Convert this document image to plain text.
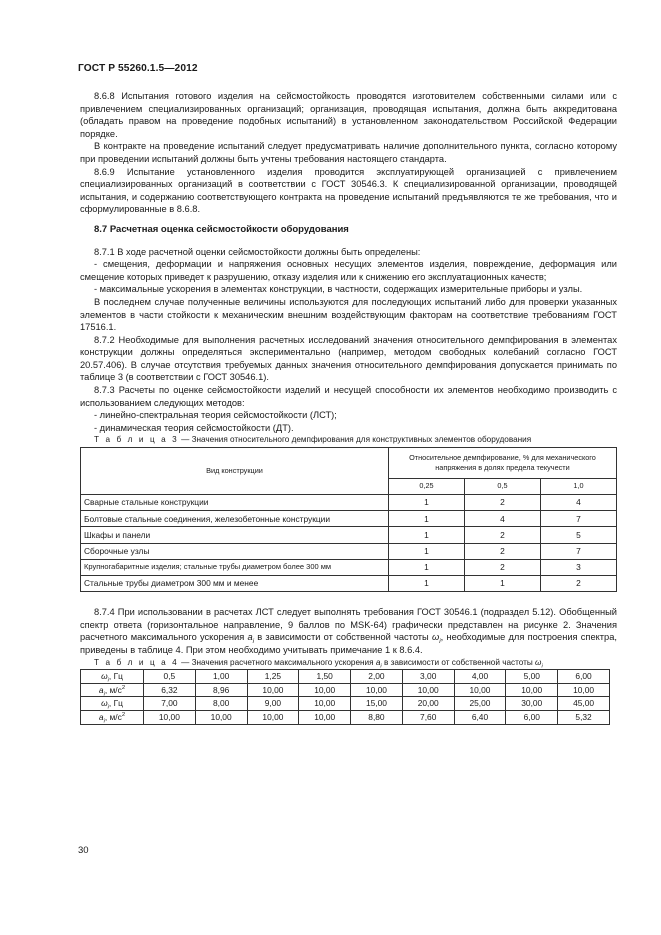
ГОСТ Р 55260.1.5—2012

8.6.8 Испытания готового изделия на сейсмостойкость проводятся изготовителем собственными силами или с привлечением специализированных организаций; организация, проводящая испытания, должна быть аккредитована (обладать правом на проведение подобных испытаний) в установленном законодательством Российской Федерации порядке.

В контракте на проведение испытаний следует предусматривать наличие дополнительного пункта, согласно которому при проведении испытаний должны быть учтены требования настоящего стандарта.

8.6.9 Испытание установленного изделия проводится эксплуатирующей организацией с привлечением специализированных организаций в соответствии с ГОСТ 30546.3. К специализированной организации, проводящей испытания, и содержанию соответствующего контракта на проведение испытаний предъявляются те же требования, что и сформулированные в 8.6.8.

8.7 Расчетная оценка сейсмостойкости оборудования

8.7.1 В ходе расчетной оценки сейсмостойкости должны быть определены:

- смещения, деформации и напряжения основных несущих элементов изделия, повреждение, деформация или смещение которых приведет к разрушению, отказу изделия или к снижению его эксплуатационных качеств;

- максимальные ускорения в элементах конструкции, в частности, содержащих измерительные приборы и узлы.

В последнем случае полученные величины используются для последующих испытаний либо для проверки указанных элементов в части стойкости к механическим внешним воздействующим факторам на соответствие требованиям ГОСТ 17516.1.

8.7.2 Необходимые для выполнения расчетных исследований значения относительного демпфирования в элементах конструкции должны определяться экспериментально (например, методом свободных колебаний согласно ГОСТ 20.57.406). В случае отсутствия требуемых данных значения относительного демпфирования допускается принимать по таблице 3 (в соответствии с ГОСТ 30546.1).

8.7.3 Расчеты по оценке сейсмостойкости изделий и несущей способности их элементов необходимо производить с использованием следующих методов:

- линейно-спектральная теория сейсмостойкости (ЛСТ);

- динамическая теория сейсмостойкости (ДТ).

Т а б л и ц а 3 — Значения относительного демпфирования для конструктивных элементов оборудования

Вид конструкции	Относительное демпфирование, % для механического напряжения в долях предела текучести		
	0,25	0,5	1,0
Сварные стальные конструкции	1	2	4
Болтовые стальные соединения, железобетонные конструкции	1	4	7
Шкафы и панели	1	2	5
Сборочные узлы	1	2	7
Крупногабаритные изделия; стальные трубы диаметром более 300 мм	1	2	3
Стальные трубы диаметром 300 мм и менее	1	1	2

8.7.4 При использовании в расчетах ЛСТ следует выполнять требования ГОСТ 30546.1 (подраздел 5.12). Обобщенный спектр ответа (горизонтальное направление, 9 баллов по MSK-64) графически представлен на рисунке 2. Значения расчетного максимального ускорения $a_i$ в зависимости от собственной частоты $\omega_i$, необходимые для построения спектра, приведены в таблице 4. При этом необходимо учитывать примечание 1 к 8.6.4.

Т а б л и ц а 4 — Значения расчетного максимального ускорения $a_i$ в зависимости от собственной частоты $\omega_i$

$\omega_i$, Гц	0,5	1,00	1,25	1,50	2,00	3,00	4,00	5,00	6,00
$a_i$, $м/с^2$	6,32	8,96	10,00	10,00	10,00	10,00	10,00	10,00	10,00
$\omega_i$, Гц	7,00	8,00	9,00	10,00	15,00	20,00	25,00	30,00	45,00
$a_i$, $м/с^2$	10,00	10,00	10,00	10,00	8,80	7,60	6,40	6,00	5,32
30
